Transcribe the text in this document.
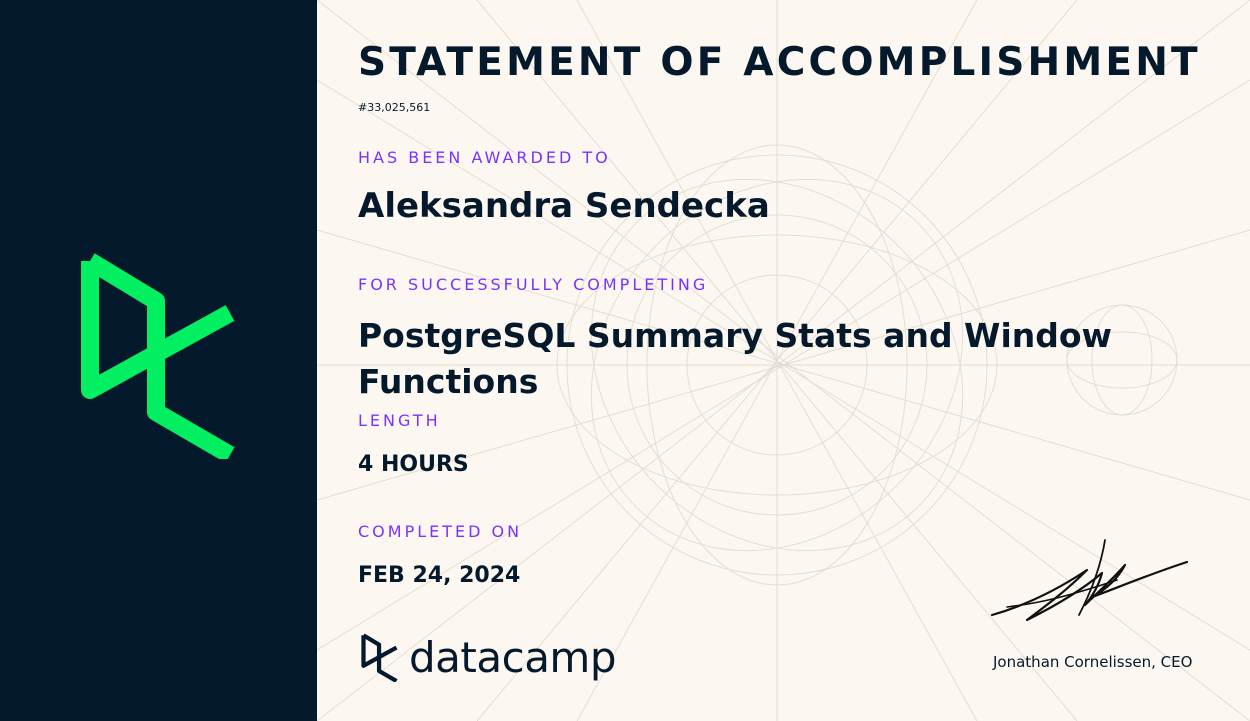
STATEMENT OF ACCOMPLISHMENT
#33,025,561
HAS BEEN AWARDED TO
Aleksandra Sendecka
FOR SUCCESSFULLY COMPLETING
PostgreSQL Summary Stats and Window Functions
LENGTH
4 HOURS
COMPLETED ON
FEB 24, 2024
datacamp	Jonathan Cornelissen, CEO
